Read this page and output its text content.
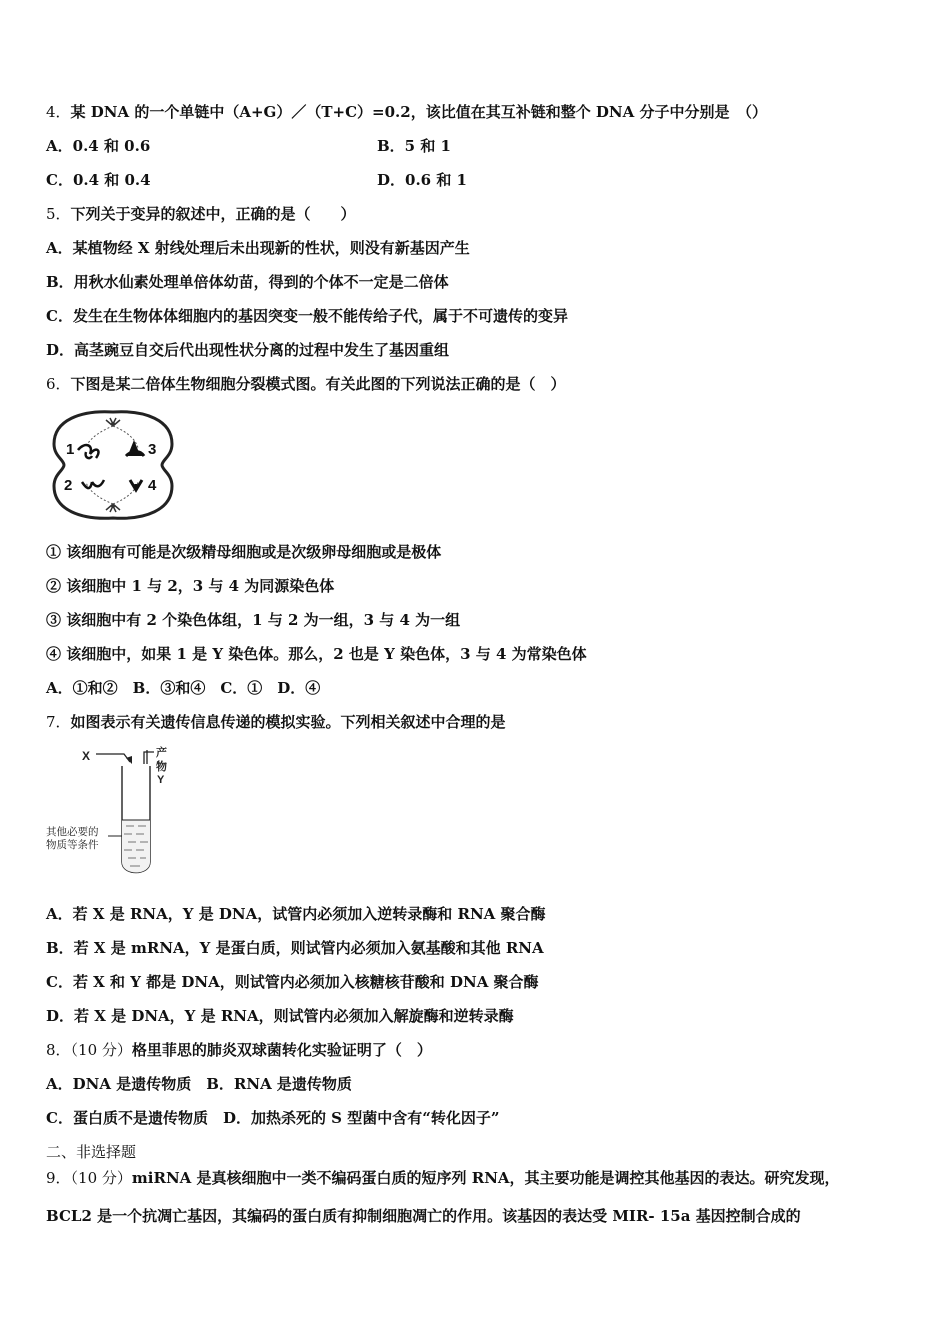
4．某 DNA 的一个单链中（A+G）／（T+C）=0.2，该比值在其互补链和整个 DNA 分子中分别是　（）
A．0.4 和 0.6	B．5 和 1
C．0.4 和 0.4	D．0.6 和 1
5．下列关于变异的叙述中，正确的是（　　）
A．某植物经 X 射线处理后未出现新的性状，则没有新基因产生
B．用秋水仙素处理单倍体幼苗，得到的个体不一定是二倍体
C．发生在生物体体细胞内的基因突变一般不能传给子代，属于不可遗传的变异
D．高茎豌豆自交后代出现性状分离的过程中发生了基因重组
6．下图是某二倍体生物细胞分裂模式图。有关此图的下列说法正确的是（　）
1
2
3
4
① 该细胞有可能是次级精母细胞或是次级卵母细胞或是极体
② 该细胞中 1 与 2，3 与 4 为同源染色体
③ 该细胞中有 2 个染色体组，1 与 2 为一组，3 与 4 为一组
④ 该细胞中，如果 1 是 Y 染色体。那么，2 也是 Y 染色体，3 与 4 为常染色体
A．①和②　B．③和④　C．①　D．④
7．如图表示有关遗传信息传递的模拟实验。下列相关叙述中合理的是
X	产
物
Y
其他必要的
物质等条件
A．若 X 是 RNA，Y 是 DNA，试管内必须加入逆转录酶和 RNA 聚合酶
B．若 X 是 mRNA，Y 是蛋白质，则试管内必须加入氨基酸和其他 RNA
C．若 X 和 Y 都是 DNA，则试管内必须加入核糖核苷酸和 DNA 聚合酶
D．若 X 是 DNA，Y 是 RNA，则试管内必须加入解旋酶和逆转录酶
8．（10 分）格里菲思的肺炎双球菌转化实验证明了（　）
A．DNA 是遗传物质　B．RNA 是遗传物质
C．蛋白质不是遗传物质　D．加热杀死的 S 型菌中含有“转化因子”
二、非选择题
9．（10 分）miRNA 是真核细胞中一类不编码蛋白质的短序列 RNA，其主要功能是调控其他基因的表达。研究发现，
BCL2 是一个抗凋亡基因，其编码的蛋白质有抑制细胞凋亡的作用。该基因的表达受 MIR- 15a 基因控制合成的
